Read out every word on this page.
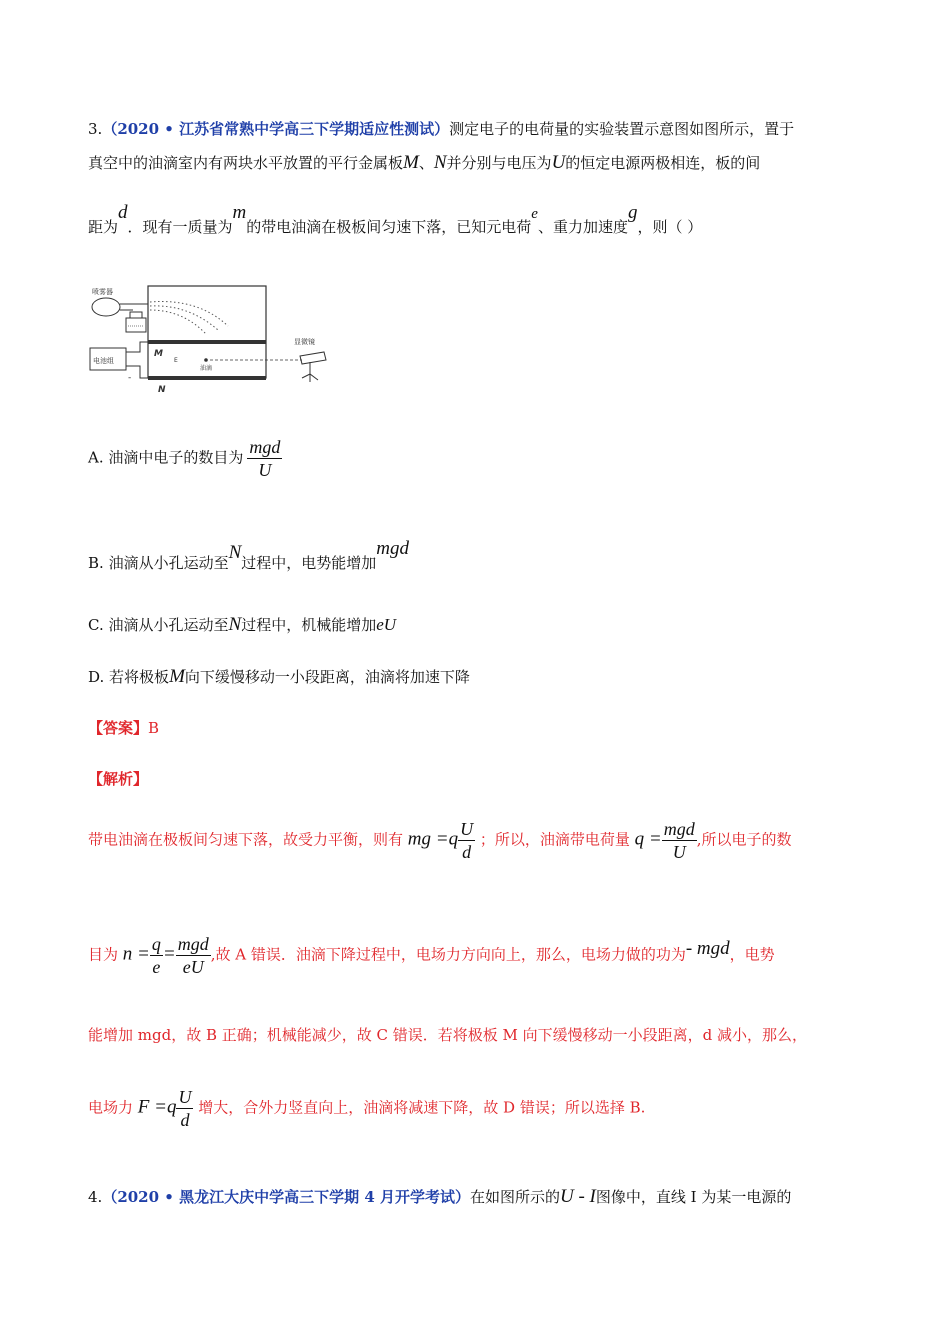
3.（2020 • 江苏省常熟中学高三下学期适应性测试）测定电子的电荷量的实验装置示意图如图所示，置于
真空中的油滴室内有两块水平放置的平行金属板M、N并分别与电压为U的恒定电源两极相连，板的间
距为d．现有一质量为m的带电油滴在极板间匀速下落，已知元电荷e、重力加速度g，则（ ）
喷雾器
M
N
电池组
-
油滴
E
显微镜
A. 油滴中电子的数目为 $\frac{\text{mgd}}{U}$
B. 油滴从小孔运动至N过程中，电势能增加mgd
C. 油滴从小孔运动至N过程中，机械能增加eU
D. 若将极板M向下缓慢移动一小段距离，油滴将加速下降
【答案】B
【解析】
带电油滴在极板间匀速下落，故受力平衡，则有 mg $=q \frac{U}{d}$ ；所以，油滴带电荷量 $q = \frac{\text{mgd}}{U}$ ,所以电子的数
目为 $n = \frac{q}{e} = \frac{\text{mgd}}{eU}$ ,故 A 错误．油滴下降过程中，电场力方向向上，那么，电场力做的功为- mgd，电势
能增加 mgd，故 B 正确；机械能减少，故 C 错误．若将极板 M 向下缓慢移动一小段距离，d 减小，那么，
电场力 $F =q \frac{U}{d}$ 增大，合外力竖直向上，油滴将减速下降，故 D 错误；所以选择 B.
4.（2020 • 黑龙江大庆中学高三下学期 4 月开学考试）在如图所示的U - I图像中，直线 I 为某一电源的
